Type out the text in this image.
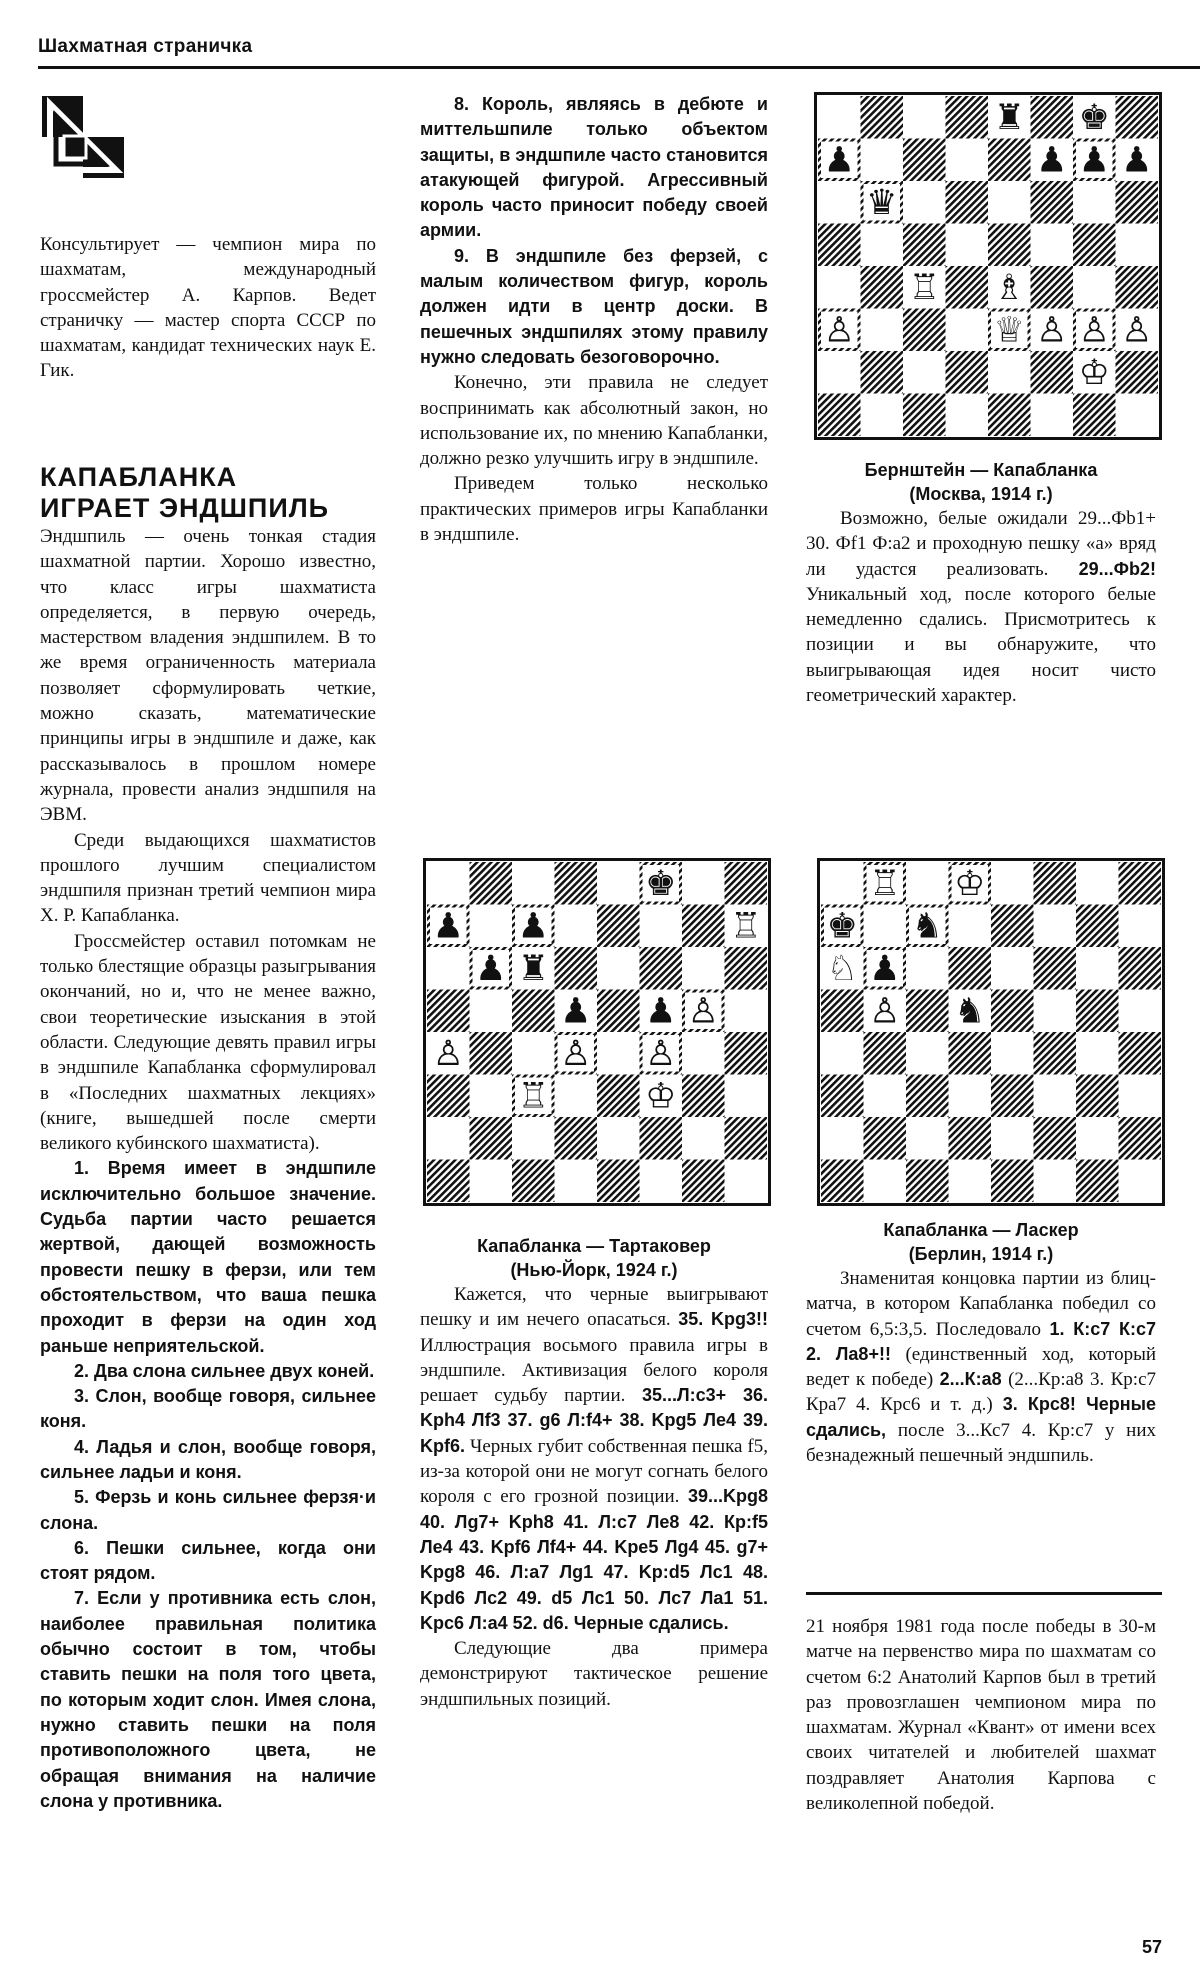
Шахматная страничка

Консультирует — чемпион мира по шахматам, международный гроссмейстер А. Карпов. Ведет страничку — мастер спорта СССР по шахматам, кандидат технических наук Е. Гик.

КАПАБЛАНКА
ИГРАЕТ ЭНДШПИЛЬ

Эндшпиль — очень тонкая стадия шахматной партии. Хорошо известно, что класс игры шахматиста определяется, в первую очередь, мастерством владения эндшпилем. В то же время ограниченность материала позволяет сформулировать четкие, можно сказать, математические принципы игры в эндшпиле и даже, как рассказывалось в прошлом номере журнала, провести анализ эндшпиля на ЭВМ.

Среди выдающихся шахматистов прошлого лучшим специалистом эндшпиля признан третий чемпион мира Х. Р. Капабланка.

Гроссмейстер оставил потомкам не только блестящие образцы разыгрывания окончаний, но и, что не менее важно, свои теоретические изыскания в этой области. Следующие девять правил игры в эндшпиле Капабланка сформулировал в «Последних шахматных лекциях» (книге, вышедшей после смерти великого кубинского шахматиста).

1. Время имеет в эндшпиле исключительно большое значение. Судьба партии часто решается жертвой, дающей возможность провести пешку в ферзи, или тем обстоятельством, что ваша пешка проходит в ферзи на один ход раньше неприятельской.

2. Два слона сильнее двух коней.

3. Слон, вообще говоря, сильнее коня.

4. Ладья и слон, вообще говоря, сильнее ладьи и коня.

5. Ферзь и конь сильнее ферзя·и слона.

6. Пешки сильнее, когда они стоят рядом.

7. Если у противника есть слон, наиболее правильная политика обычно состоит в том, чтобы ставить пешки на поля того цвета, по которым ходит слон. Имея слона, нужно ставить пешки на поля противоположного цвета, не обращая внимания на наличие слона у противника.

8. Король, являясь в дебюте и миттельшпиле только объектом защиты, в эндшпиле часто становится атакующей фигурой. Агрессивный король часто приносит победу своей армии.

9. В эндшпиле без ферзей, с малым количеством фигур, король должен идти в центр доски. В пешечных эндшпилях этому правилу нужно следовать безоговорочно.

Конечно, эти правила не следует воспринимать как абсолютный закон, но использование их, по мнению Капабланки, должно резко улучшить игру в эндшпиле.

Приведем только несколько практических примеров игры Капабланки в эндшпиле.

♜ ♚
♟	♟ ♟ ♟
♛
♖ ♗
♙	♕ ♙ ♙ ♙
♔
Бернштейн — Капабланка
(Москва, 1914 г.)

Возможно, белые ожидали 29...Фb1+ 30. Фf1 Ф:a2 и проходную пешку «а» вряд ли удастся реализовать. 29...Фb2! Уникальный ход, после которого белые немедленно сдались. Присмотритесь к позиции и вы обнаружите, что выигрывающая идея носит чисто геометрический характер.

♚
♟ ♟	♖
♟ ♜
♟ ♟ ♙
♙	♙ ♙
♖	♔
♖ ♔
♚ ♞
♘ ♟
♙ ♞
Капабланка — Тартаковер
(Нью-Йорк, 1924 г.)

Кажется, что черные выигрывают пешку и им нечего опасаться. 35. Kpg3!! Иллюстрация восьмого правила игры в эндшпиле. Активизация белого короля решает судьбу партии. 35...Л:c3+ 36. Kph4 Лf3 37. g6 Л:f4+ 38. Kpg5 Лe4 39. Kpf6. Черных губит собственная пешка f5, из-за которой они не могут согнать белого короля с его грозной позиции. 39...Kpg8 40. Лg7+ Kph8 41. Л:c7 Лe8 42. Кр:f5 Лe4 43. Kpf6 Лf4+ 44. Kpe5 Лg4 45. g7+ Kpg8 46. Л:a7 Лg1 47. Kp:d5 Лc1 48. Kpd6 Лc2 49. d5 Лc1 50. Лc7 Лa1 51. Kpc6 Л:a4 52. d6. Черные сдались.

Следующие два примера демонстрируют тактическое решение эндшпильных позиций.

Капабланка — Ласкер
(Берлин, 1914 г.)

Знаменитая концовка партии из блиц-матча, в котором Капабланка победил со счетом 6,5:3,5. Последовало 1. К:c7 К:c7 2. Лa8+!! (единственный ход, который ведет к победе) 2...К:a8 (2...Кр:a8 3. Кр:c7 Кра7 4. Крс6 и т. д.) 3. Крс8! Черные сдались, после 3...Кс7 4. Кр:c7 у них безнадежный пешечный эндшпиль.

21 ноября 1981 года после победы в 30-м матче на первенство мира по шахматам со счетом 6:2 Анатолий Карпов был в третий раз провозглашен чемпионом мира по шахматам. Журнал «Квант» от имени всех своих читателей и любителей шахмат поздравляет Анатолия Карпова с великолепной победой.

57
